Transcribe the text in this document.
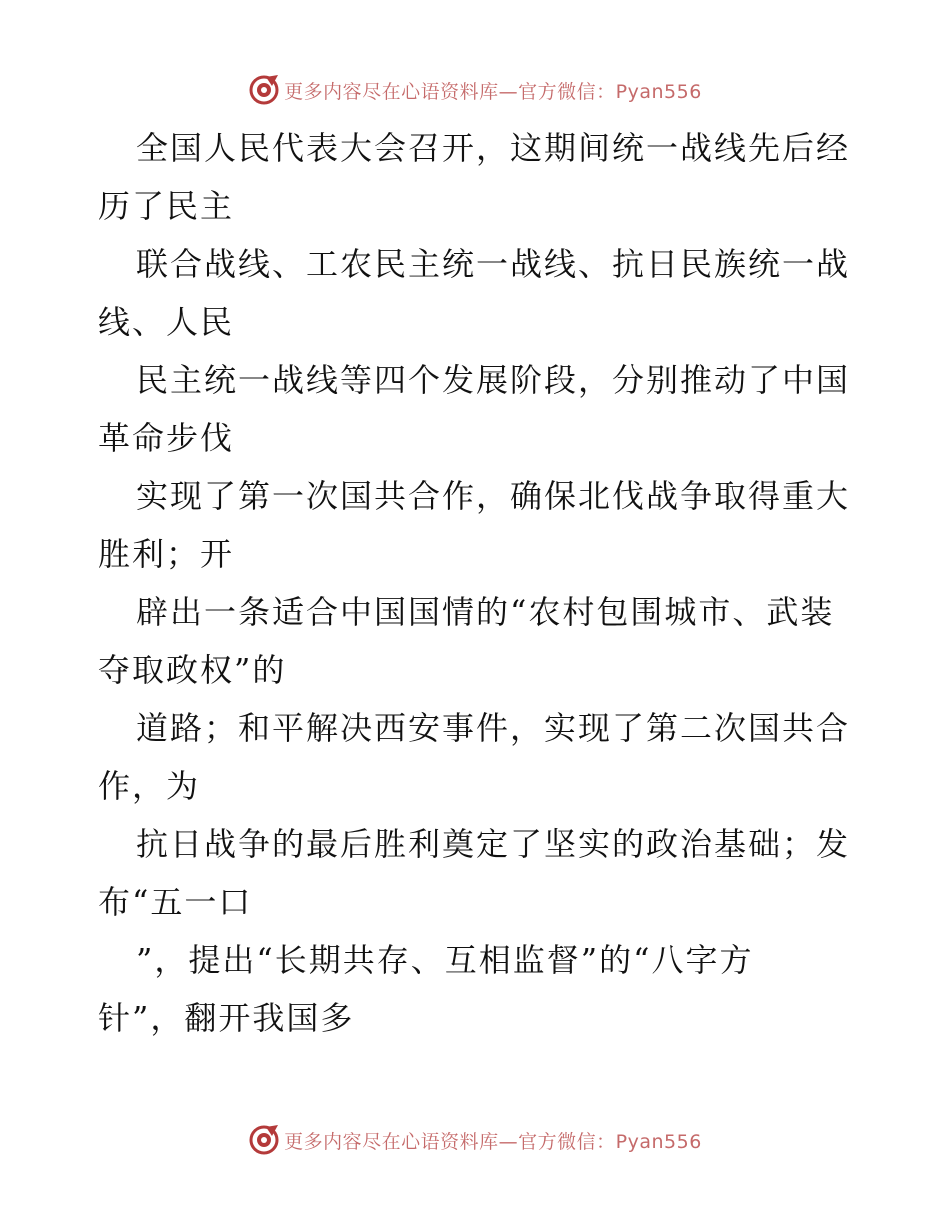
更多内容尽在心语资料库—官方微信：Pyan556
全国人民代表大会召开，这期间统一战线先后经
历了民主
联合战线、工农民主统一战线、抗日民族统一战
线、人民
民主统一战线等四个发展阶段，分别推动了中国
革命步伐
实现了第一次国共合作，确保北伐战争取得重大
胜利；开
辟出一条适合中国国情的“农村包围城市、武装
夺取政权”的
道路；和平解决西安事件，实现了第二次国共合
作，为
抗日战争的最后胜利奠定了坚实的政治基础；发
布“五一口
”，提出“长期共存、互相监督”的“八字方
针”，翻开我国多
更多内容尽在心语资料库—官方微信：Pyan556
